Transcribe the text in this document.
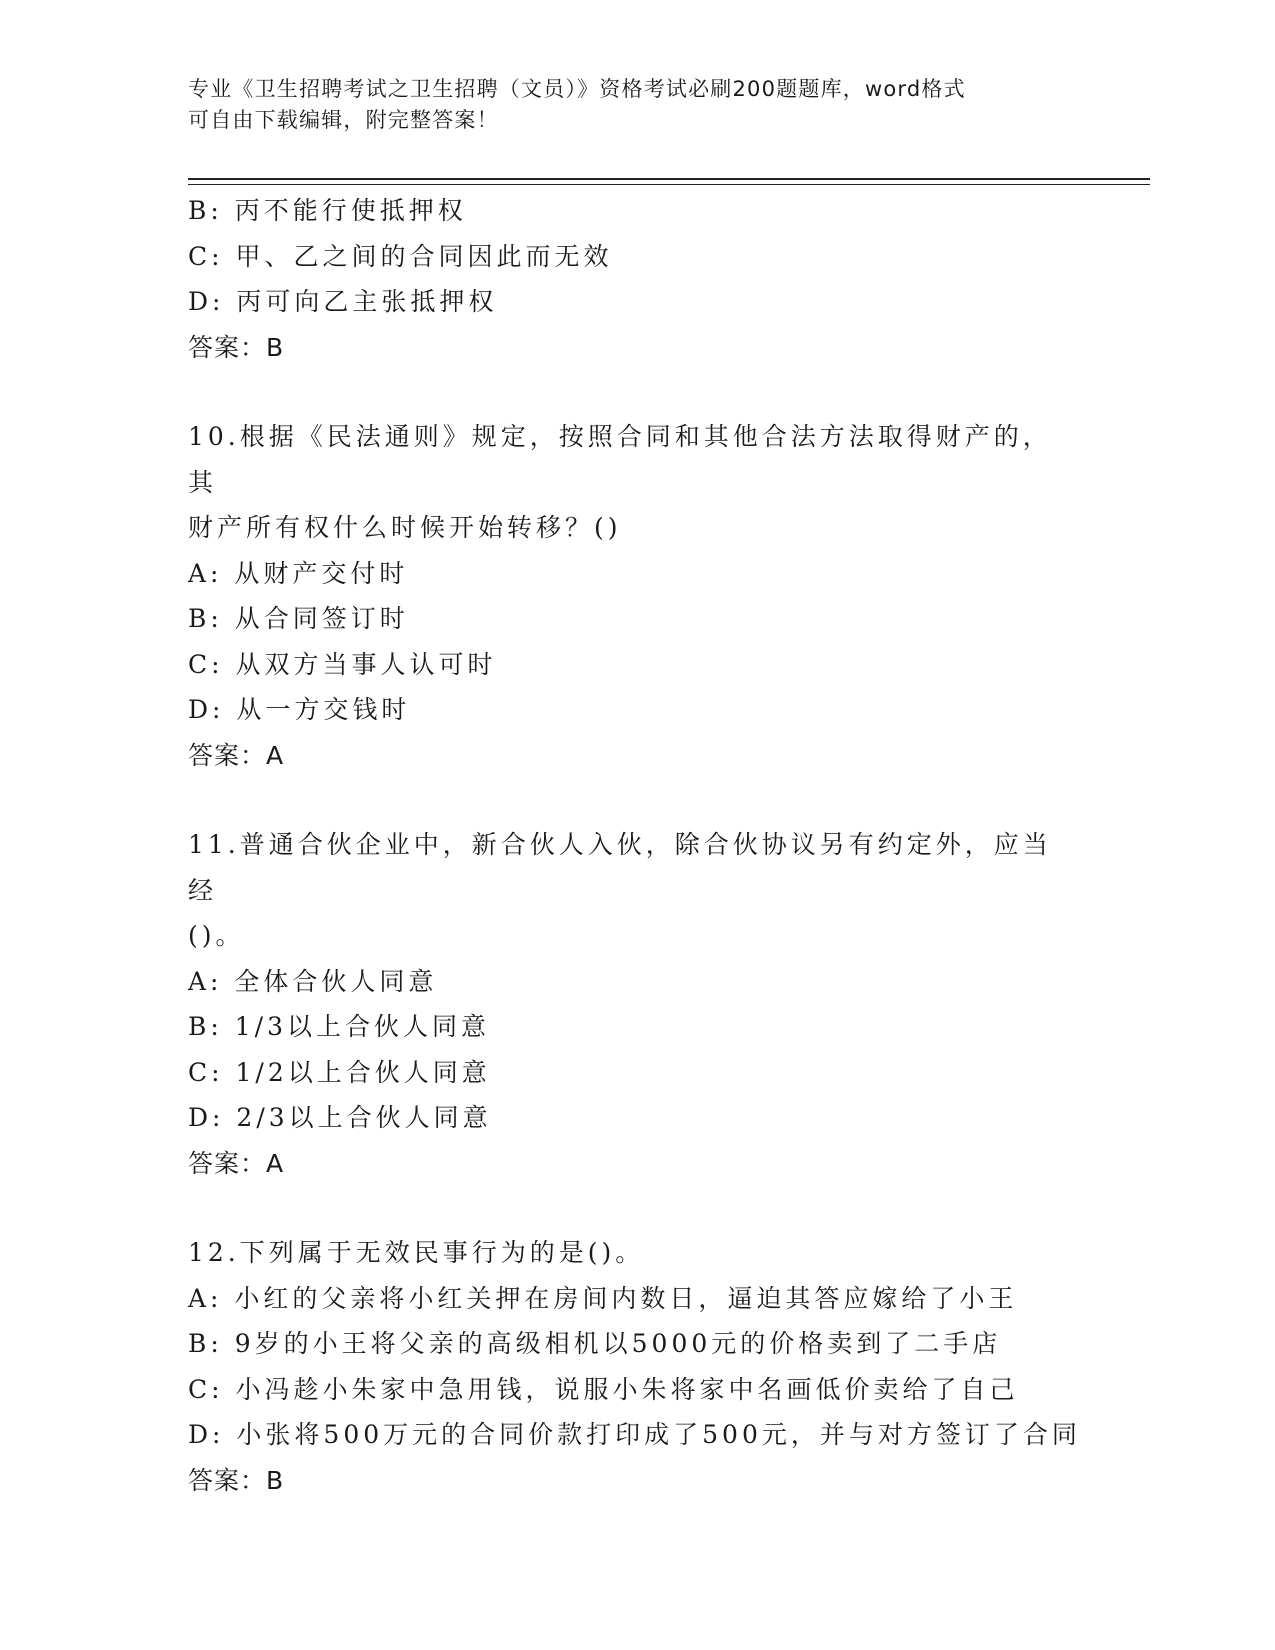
专业《卫生招聘考试之卫生招聘（文员）》资格考试必刷200题题库，word格式
可自由下载编辑，附完整答案！
B: 丙不能行使抵押权
C: 甲、乙之间的合同因此而无效
D: 丙可向乙主张抵押权
答案：B
10.根据《民法通则》规定，按照合同和其他合法方法取得财产的，其
财产所有权什么时候开始转移？()
A: 从财产交付时
B: 从合同签订时
C: 从双方当事人认可时
D: 从一方交钱时
答案：A
11.普通合伙企业中，新合伙人入伙，除合伙协议另有约定外，应当经
()。
A: 全体合伙人同意
B: 1/3以上合伙人同意
C: 1/2以上合伙人同意
D: 2/3以上合伙人同意
答案：A
12.下列属于无效民事行为的是()。
A: 小红的父亲将小红关押在房间内数日，逼迫其答应嫁给了小王
B: 9岁的小王将父亲的高级相机以5000元的价格卖到了二手店
C: 小冯趁小朱家中急用钱，说服小朱将家中名画低价卖给了自己
D: 小张将500万元的合同价款打印成了500元，并与对方签订了合同
答案：B
